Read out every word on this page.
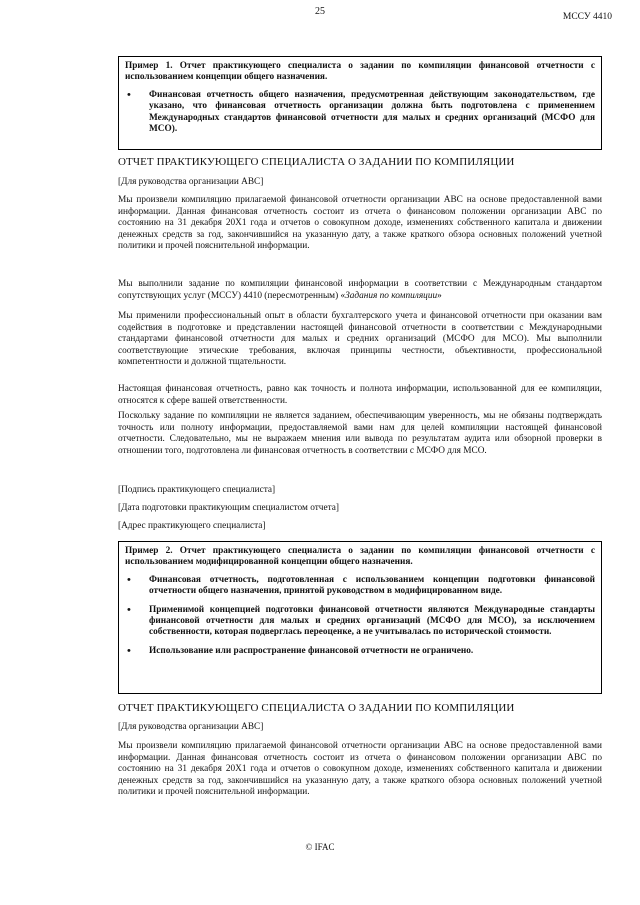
25	МССУ 4410
Пример 1. Отчет практикующего специалиста о задании по компиляции финансовой отчетности с использованием концепции общего назначения.
• Финансовая отчетность общего назначения, предусмотренная действующим законодательством, где указано, что финансовая отчетность организации должна быть подготовлена с применением Международных стандартов финансовой отчетности для малых и средних организаций (МСФО для МСО).
ОТЧЕТ ПРАКТИКУЮЩЕГО СПЕЦИАЛИСТА О ЗАДАНИИ ПО КОМПИЛЯЦИИ
[Для руководства организации АВС]
Мы произвели компиляцию прилагаемой финансовой отчетности организации АВС на основе предоставленной вами информации. Данная финансовая отчетность состоит из отчета о финансовом положении организации АВС по состоянию на 31 декабря 20X1 года и отчетов о совокупном доходе, изменениях собственного капитала и движении денежных средств за год, закончившийся на указанную дату, а также краткого обзора основных положений учетной политики и прочей пояснительной информации.
Мы выполнили задание по компиляции финансовой информации в соответствии с Международным стандартом сопутствующих услуг (МССУ) 4410 (пересмотренным) «Задания по компиляции»
Мы применили профессиональный опыт в области бухгалтерского учета и финансовой отчетности при оказании вам содействия в подготовке и представлении настоящей финансовой отчетности в соответствии с Международными стандартами финансовой отчетности для малых и средних организаций (МСФО для МСО). Мы выполнили соответствующие этические требования, включая принципы честности, объективности, профессиональной компетентности и должной тщательности.
Настоящая финансовая отчетность, равно как точность и полнота информации, использованной для ее компиляции, относятся к сфере вашей ответственности.
Поскольку задание по компиляции не является заданием, обеспечивающим уверенность, мы не обязаны подтверждать точность или полноту информации, предоставляемой вами нам для целей компиляции настоящей финансовой отчетности. Следовательно, мы не выражаем мнения или вывода по результатам аудита или обзорной проверки в отношении того, подготовлена ли финансовая отчетность в соответствии с МСФО для МСО.
[Подпись практикующего специалиста]
[Дата подготовки практикующим специалистом отчета]
[Адрес практикующего специалиста]
Пример 2. Отчет практикующего специалиста о задании по компиляции финансовой отчетности с использованием модифицированной концепции общего назначения.
• Финансовая отчетность, подготовленная с использованием концепции подготовки финансовой отчетности общего назначения, принятой руководством в модифицированном виде.
• Применимой концепцией подготовки финансовой отчетности являются Международные стандарты финансовой отчетности для малых и средних организаций (МСФО для МСО), за исключением собственности, которая подверглась переоценке, а не учитывалась по исторической стоимости.
• Использование или распространение финансовой отчетности не ограничено.
ОТЧЕТ ПРАКТИКУЮЩЕГО СПЕЦИАЛИСТА О ЗАДАНИИ ПО КОМПИЛЯЦИИ
[Для руководства организации АВС]
Мы произвели компиляцию прилагаемой финансовой отчетности организации АВС на основе предоставленной вами информации. Данная финансовая отчетность состоит из отчета о финансовом положении организации АВС по состоянию на 31 декабря 20X1 года и отчетов о совокупном доходе, изменениях собственного капитала и движении денежных средств за год, закончившийся на указанную дату, а также краткого обзора основных положений учетной политики и прочей пояснительной информации.
© IFAC
